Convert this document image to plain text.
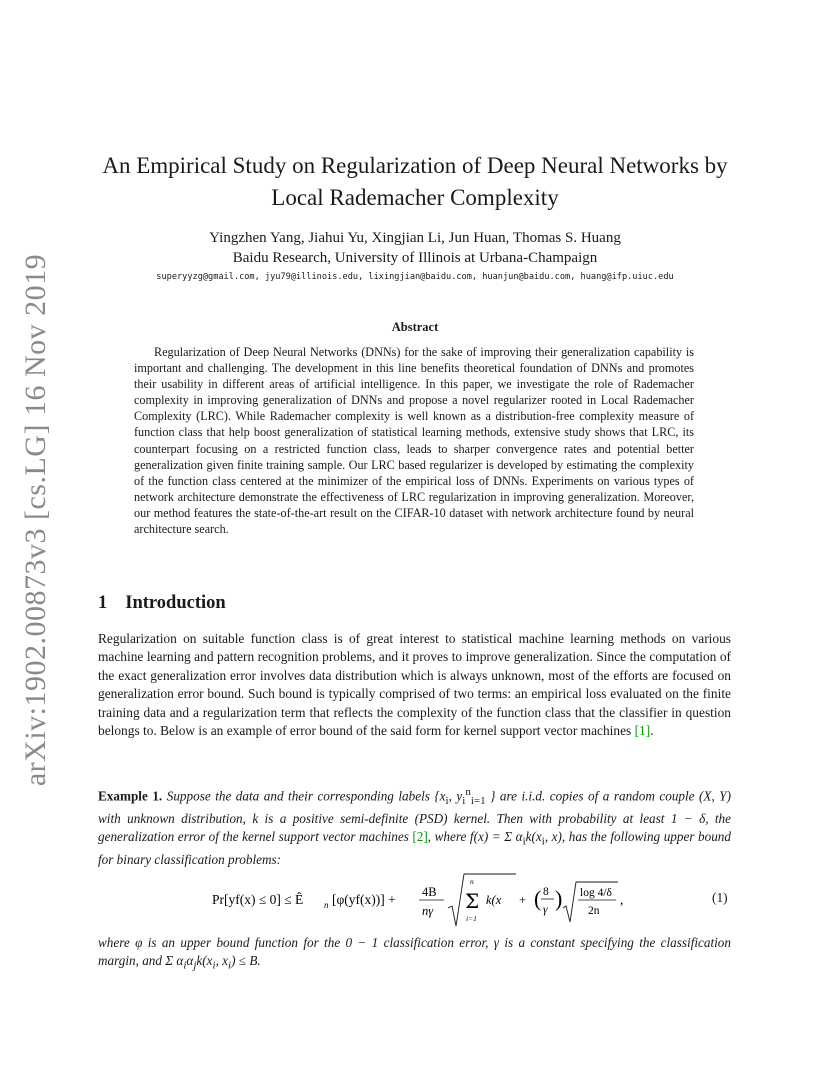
arXiv:1902.00873v3 [cs.LG] 16 Nov 2019
An Empirical Study on Regularization of Deep Neural Networks by
Local Rademacher Complexity
Yingzhen Yang, Jiahui Yu, Xingjian Li, Jun Huan, Thomas S. Huang
Baidu Research, University of Illinois at Urbana-Champaign
superyyzg@gmail.com, jyu79@illinois.edu, lixingjian@baidu.com, huanjun@baidu.com, huang@ifp.uiuc.edu
Abstract
Regularization of Deep Neural Networks (DNNs) for the sake of improving their generalization capability is important and challenging. The development in this line benefits theoretical foundation of DNNs and promotes their usability in different areas of artificial intelligence. In this paper, we investigate the role of Rademacher complexity in improving generalization of DNNs and propose a novel regularizer rooted in Local Rademacher Complexity (LRC). While Rademacher complexity is well known as a distribution-free complexity measure of function class that help boost generalization of statistical learning methods, extensive study shows that LRC, its counterpart focusing on a restricted function class, leads to sharper convergence rates and potential better generalization given finite training sample. Our LRC based regularizer is developed by estimating the complexity of the function class centered at the minimizer of the empirical loss of DNNs. Experiments on various types of network architecture demonstrate the effectiveness of LRC regularization in improving generalization. Moreover, our method features the state-of-the-art result on the CIFAR-10 dataset with network architecture found by neural architecture search.
1 Introduction
Regularization on suitable function class is of great interest to statistical machine learning methods on various machine learning and pattern recognition problems, and it proves to improve generalization. Since the computation of the exact generalization error involves data distribution which is always unknown, most of the efforts are focused on generalization error bound. Such bound is typically comprised of two terms: an empirical loss evaluated on the finite training data and a regularization term that reflects the complexity of the function class that the classifier in question belongs to. Below is an example of error bound of the said form for kernel support vector machines [1].
Example 1. Suppose the data and their corresponding labels {$x_i$, $y_i^n_{i=1}$ } are i.i.d. copies of a random couple (X, Y) with unknown distribution, k is a positive semi-definite (PSD) kernel. Then with probability at least 1 − δ, the generalization error of the kernel support vector machines [2], where f(x) = Σ $\alpha_ik(x_i$, x), has the following upper bound for binary classification problems:
Pr[yf(x) ≤ 0] ≤ Ê n [φ(yf(x))] + 4B
nγ
n
Σ
i=1
k(x + ( 8
γ ) log 4/δ
2n
,	(1)
where φ is an upper bound function for the 0 − 1 classification error, γ is a constant specifying the classification margin, and Σ $\alpha_i\alpha_jk(x_i$, $x_i) \le B$.
